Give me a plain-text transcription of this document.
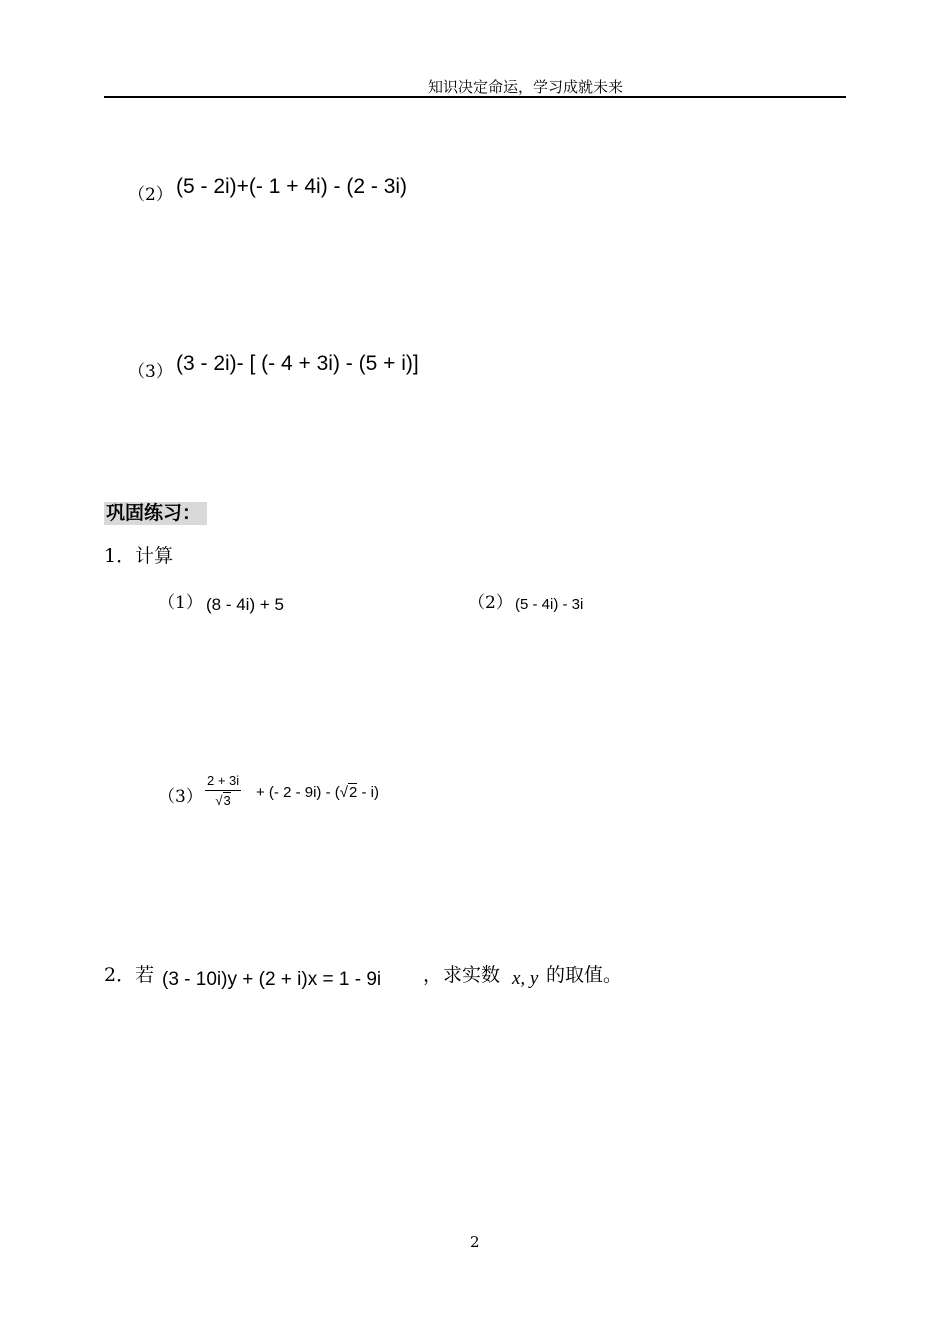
知识决定命运，学习成就未来
（2） (5 - 2i)+(- 1 + 4i) - (2 - 3i)
（3） (3 - 2i)- [ (- 4 + 3i) - (5 + i)]
巩固练习：
1．计算
（1） (8 - 4i) + 5	（2） (5 - 4i) - 3i
$(3) \frac{2 + 3i}{√3}$ + (- 2 - 9i) - (√2 - i)
2．若 (3 - 10i)y + (2 + i)x = 1 - 9i ， 求实数 x, y 的取值。
2
